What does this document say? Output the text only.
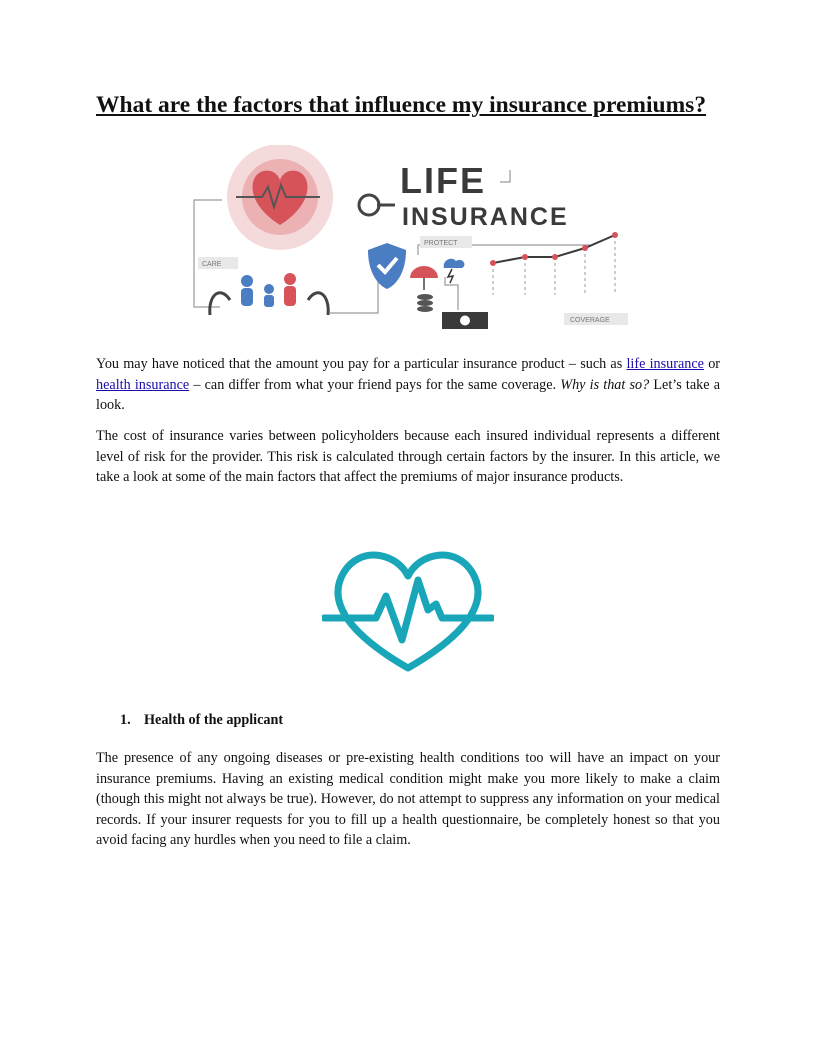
What are the factors that influence my insurance premiums?
LIFE
INSURANCE
CARE
PROTECT
COVERAGE

You may have noticed that the amount you pay for a particular insurance product – such as life insurance or health insurance – can differ from what your friend pays for the same coverage. Why is that so? Let’s take a look.

The cost of insurance varies between policyholders because each insured individual represents a different level of risk for the provider. This risk is calculated through certain factors by the insurer. In this article, we take a look at some of the main factors that affect the premiums of major insurance products.

1. Health of the applicant

The presence of any ongoing diseases or pre-existing health conditions too will have an impact on your insurance premiums. Having an existing medical condition might make you more likely to make a claim (though this might not always be true). However, do not attempt to suppress any information on your medical records. If your insurer requests for you to fill up a health questionnaire, be completely honest so that you avoid facing any hurdles when you need to file a claim.
